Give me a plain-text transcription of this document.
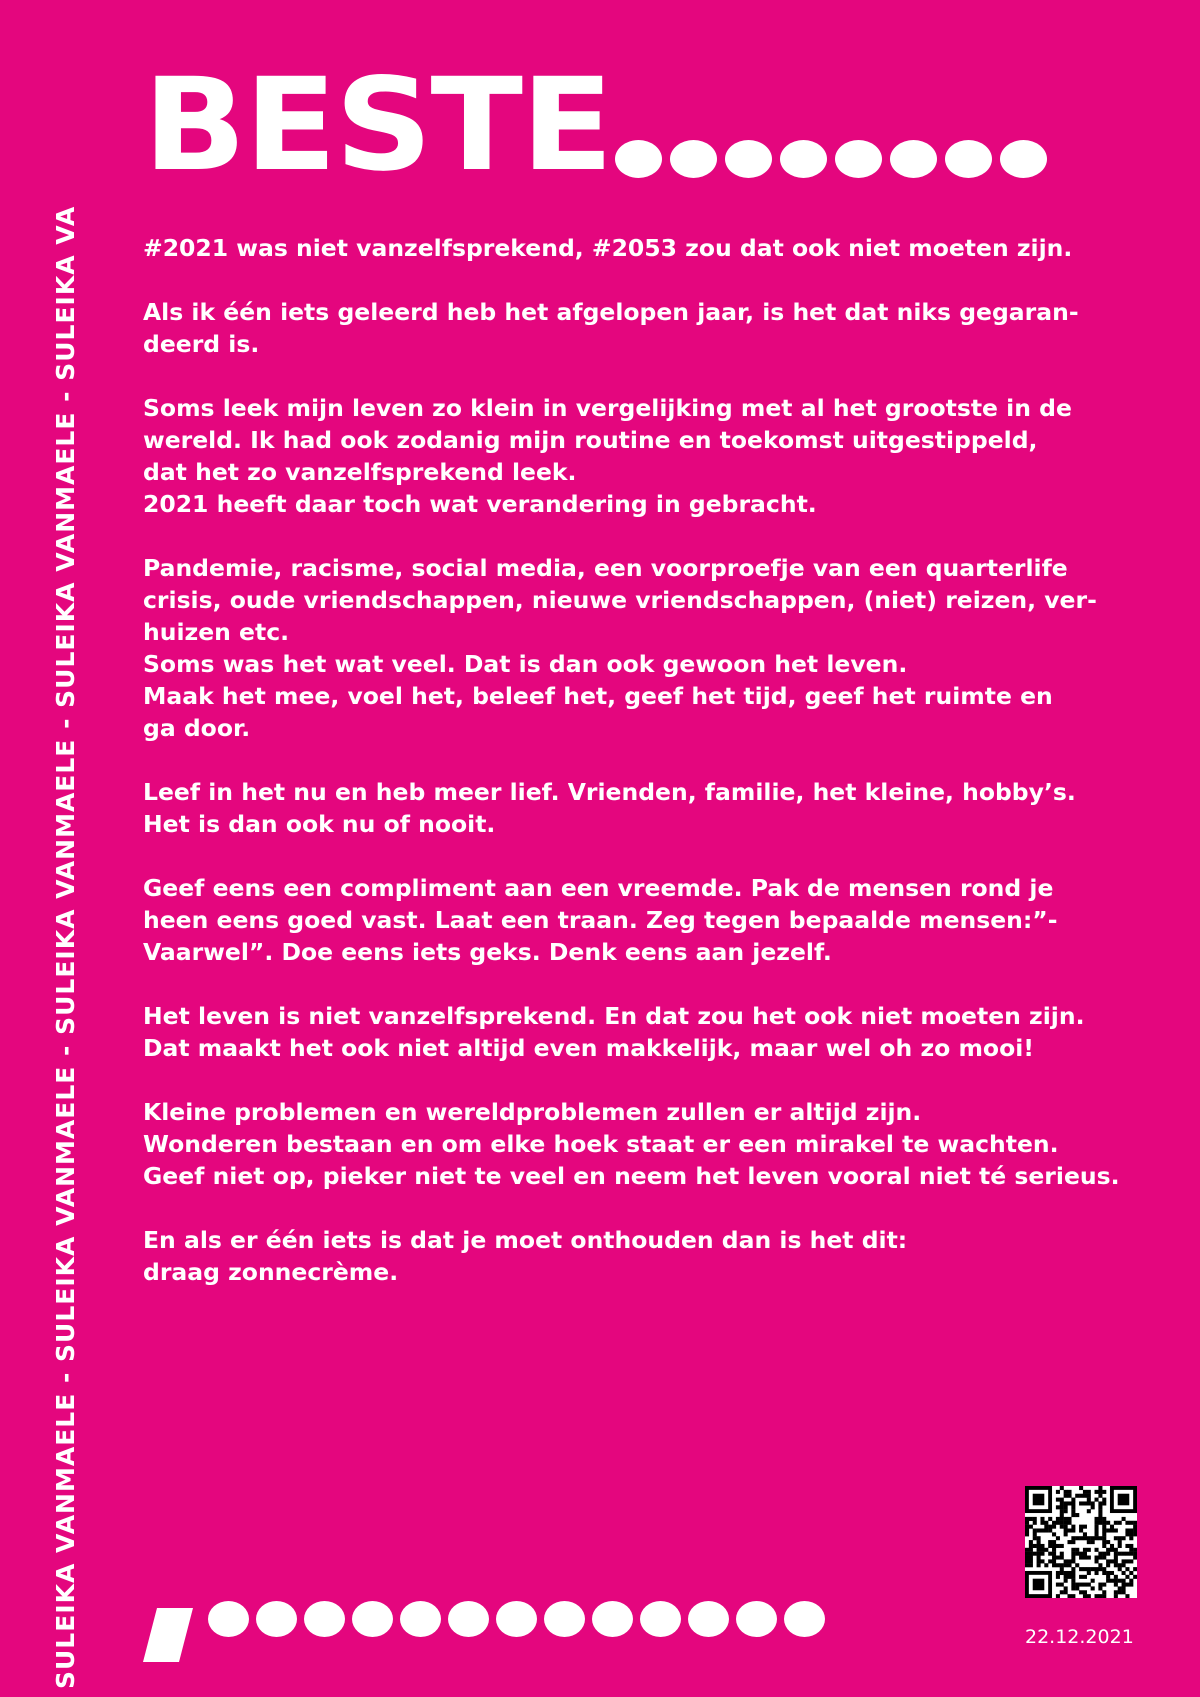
SULEIKA VANMAELE - SULEIKA VANMAELE - SULEIKA VANMAELE - SULEIKA VANMAELE - SULEIKA VA
BESTE

#2021 was niet vanzelfsprekend, #2053 zou dat ook niet moeten zijn.

Als ik één iets geleerd heb het afgelopen jaar, is het dat niks gegaran-
deerd is.

Soms leek mijn leven zo klein in vergelijking met al het grootste in de
wereld. Ik had ook zodanig mijn routine en toekomst uitgestippeld,
dat het zo vanzelfsprekend leek.
2021 heeft daar toch wat verandering in gebracht.

Pandemie, racisme, social media, een voorproefje van een quarterlife
crisis, oude vriendschappen, nieuwe vriendschappen, (niet) reizen, ver-
huizen etc.
Soms was het wat veel. Dat is dan ook gewoon het leven.
Maak het mee, voel het, beleef het, geef het tijd, geef het ruimte en
ga door.

Leef in het nu en heb meer lief. Vrienden, familie, het kleine, hobby’s.
Het is dan ook nu of nooit.

Geef eens een compliment aan een vreemde. Pak de mensen rond je
heen eens goed vast. Laat een traan. Zeg tegen bepaalde mensen:”-
Vaarwel”. Doe eens iets geks. Denk eens aan jezelf.

Het leven is niet vanzelfsprekend. En dat zou het ook niet moeten zijn.
Dat maakt het ook niet altijd even makkelijk, maar wel oh zo mooi!

Kleine problemen en wereldproblemen zullen er altijd zijn.
Wonderen bestaan en om elke hoek staat er een mirakel te wachten.
Geef niet op, pieker niet te veel en neem het leven vooral niet té serieus.

En als er één iets is dat je moet onthouden dan is het dit:
draag zonnecrème.

22.12.2021
